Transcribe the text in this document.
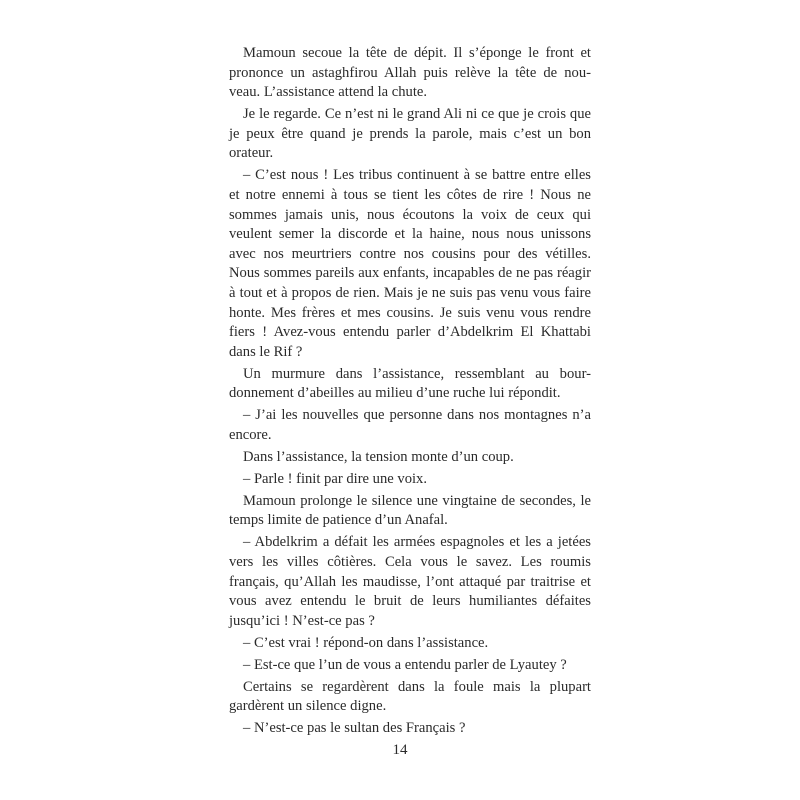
Mamoun secoue la tête de dépit. Il s’éponge le front et prononce un astaghfirou Allah puis relève la tête de nou-veau. L’assistance attend la chute.

Je le regarde. Ce n’est ni le grand Ali ni ce que je crois que je peux être quand je prends la parole, mais c’est un bon orateur.

– C’est nous ! Les tribus continuent à se battre entre elles et notre ennemi à tous se tient les côtes de rire ! Nous ne sommes jamais unis, nous écoutons la voix de ceux qui veulent semer la discorde et la haine, nous nous unissons avec nos meurtriers contre nos cousins pour des vétilles. Nous sommes pareils aux enfants, incapables de ne pas réagir à tout et à propos de rien. Mais je ne suis pas venu vous faire honte. Mes frères et mes cousins. Je suis venu vous rendre fiers ! Avez-vous entendu parler d’Abdelkrim El Khattabi dans le Rif ?

Un murmure dans l’assistance, ressemblant au bour-donnement d’abeilles au milieu d’une ruche lui répondit.

– J’ai les nouvelles que personne dans nos montagnes n’a encore.

Dans l’assistance, la tension monte d’un coup.

– Parle ! finit par dire une voix.

Mamoun prolonge le silence une vingtaine de secondes, le temps limite de patience d’un Anafal.

– Abdelkrim a défait les armées espagnoles et les a jetées vers les villes côtières. Cela vous le savez. Les roumis français, qu’Allah les maudisse, l’ont attaqué par traitrise et vous avez entendu le bruit de leurs humiliantes défaites jusqu’ici ! N’est-ce pas ?

– C’est vrai ! répond-on dans l’assistance.

– Est-ce que l’un de vous a entendu parler de Lyautey ?

Certains se regardèrent dans la foule mais la plupart gardèrent un silence digne.

– N’est-ce pas le sultan des Français ?

14
